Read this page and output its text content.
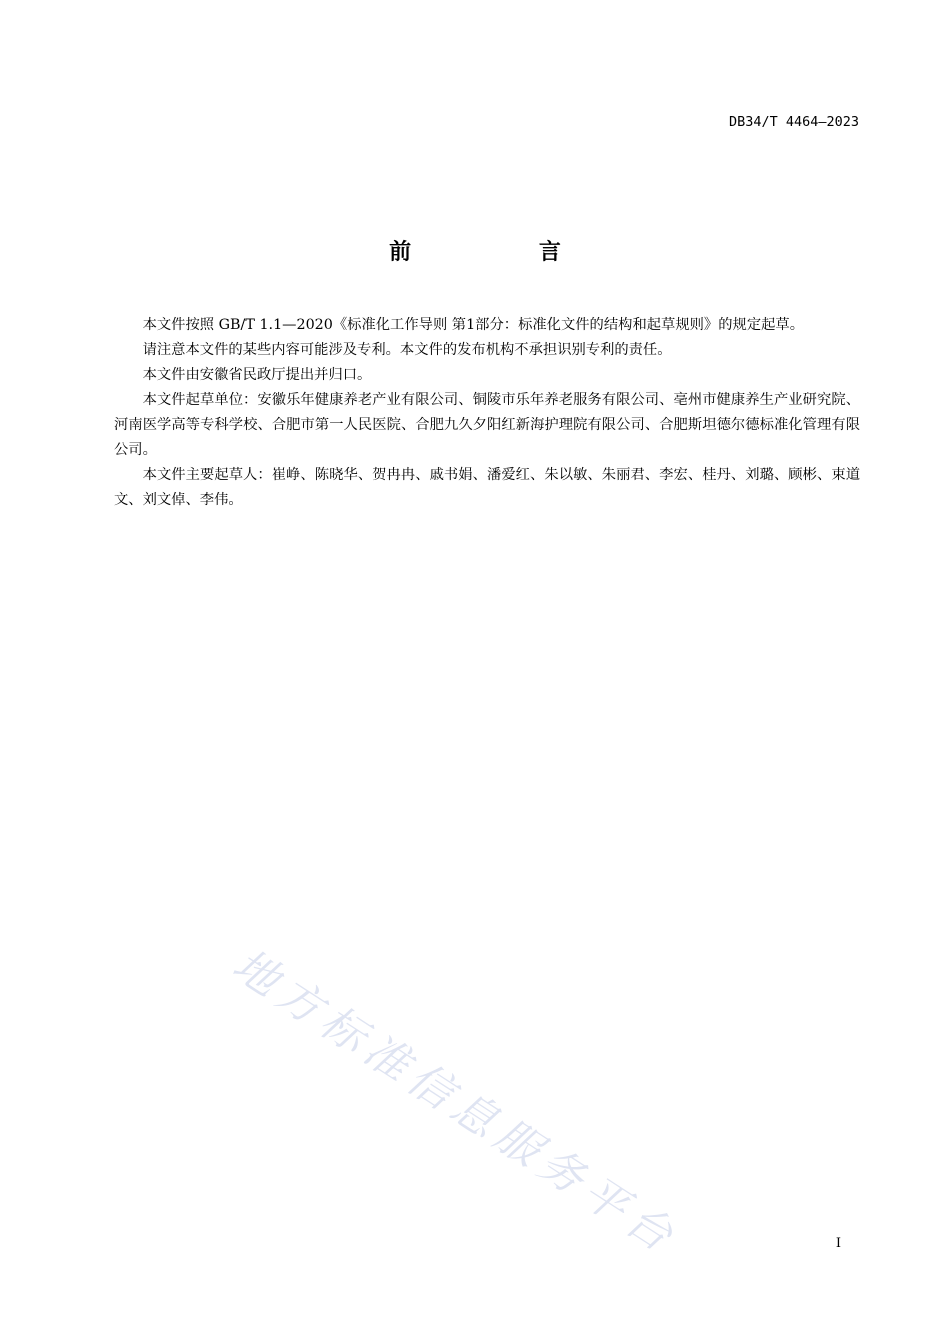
DB34/T 4464—2023
前 言

本文件按照 GB/T 1.1—2020《标准化工作导则 第1部分：标准化文件的结构和起草规则》的规定起草。

请注意本文件的某些内容可能涉及专利。本文件的发布机构不承担识别专利的责任。

本文件由安徽省民政厅提出并归口。

本文件起草单位：安徽乐年健康养老产业有限公司、铜陵市乐年养老服务有限公司、亳州市健康养生产业研究院、河南医学高等专科学校、合肥市第一人民医院、合肥九久夕阳红新海护理院有限公司、合肥斯坦德尔德标准化管理有限公司。

本文件主要起草人：崔峥、陈晓华、贺冉冉、戚书娟、潘爱红、朱以敏、朱丽君、李宏、桂丹、刘璐、顾彬、束道文、刘文倬、李伟。

地方标准信息服务平台	I
